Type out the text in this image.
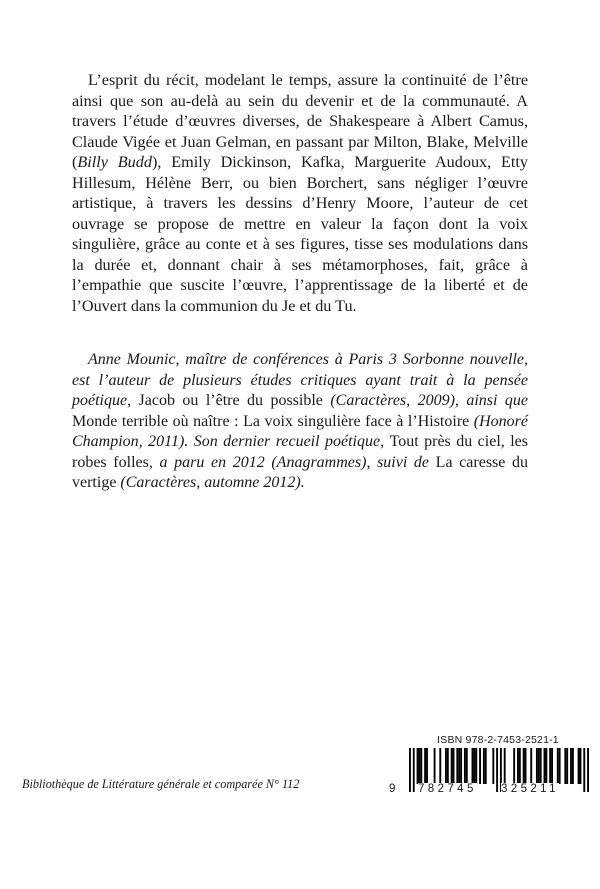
L’esprit du récit, modelant le temps, assure la continuité de l’être ainsi que son au-delà au sein du devenir et de la communauté. A travers l’étude d’œuvres diverses, de Shakespeare à Albert Camus, Claude Vigée et Juan Gelman, en passant par Milton, Blake, Melville (Billy Budd), Emily Dickinson, Kafka, Marguerite Audoux, Etty Hillesum, Hélène Berr, ou bien Borchert, sans négliger l’œuvre artistique, à travers les dessins d’Henry Moore, l’auteur de cet ouvrage se propose de mettre en valeur la façon dont la voix singulière, grâce au conte et à ses figures, tisse ses modulations dans la durée et, donnant chair à ses métamorphoses, fait, grâce à l’empathie que suscite l’œuvre, l’apprentissage de la liberté et de l’Ouvert dans la communion du Je et du Tu.

Anne Mounic, maître de conférences à Paris 3 Sorbonne nouvelle, est l’auteur de plusieurs études critiques ayant trait à la pensée poétique, Jacob ou l’être du possible (Caractères, 2009), ainsi que Monde terrible où naître : La voix singulière face à l’Histoire (Honoré Champion, 2011). Son dernier recueil poétique, Tout près du ciel, les robes folles, a paru en 2012 (Anagrammes), suivi de La caresse du vertige (Caractères, automne 2012).

Bibliothèque de Littérature générale et comparée N° 112

ISBN 978-2-7453-2521-1
9 782745 325211
